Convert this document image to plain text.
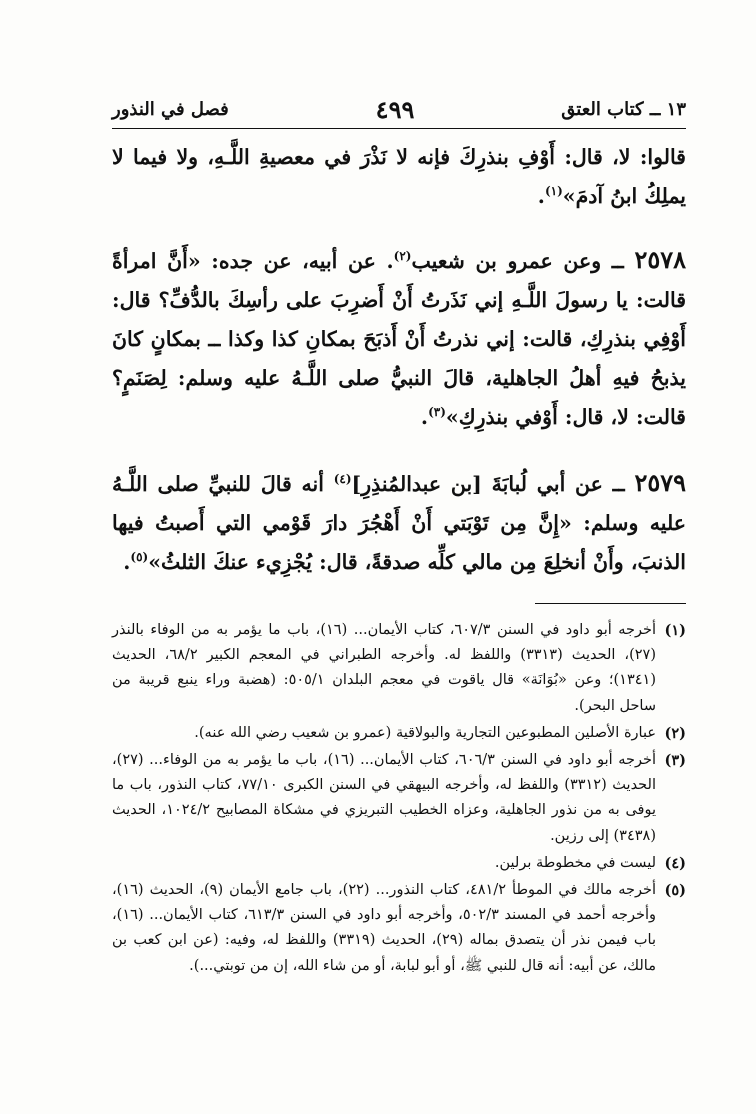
١٣ ــ كتاب العتق
٤٩٩
فصل في النذور

قالوا: لا، قال: أَوْفِ بنذرِكَ فإنه لا نَذْرَ في معصيةِ اللَّـهِ، ولا فيما لا يملِكُ ابنُ آدمَ»$^{(١)}$.

٢٥٧٨ ــ وعن عمرو بن شعيب$^{(٢)}$. عن أبيه، عن جده: «أَنَّ امرأةً قالت: يا رسولَ اللَّـهِ إني نَذَرتُ أَنْ أَضرِبَ على رأسِكَ بالدُّفِّ؟ قال: أَوْفِي بنذرِكِ، قالت: إني نذرتُ أَنْ أَذبَحَ بمكانِ كذا وكذا ــ بمكانٍ كانَ يذبحُ فيهِ أهلُ الجاهلية، قالَ النبيُّ صلى اللَّـهُ عليه وسلم: لِصَنَمٍ؟ قالت: لا، قال: أَوْفي بنذرِكِ»$^{(٣)}$.

٢٥٧٩ ــ عن أبي لُبابَةَ [بن عبدالمُنذِرِ]$^{(٤)}$ أنه قالَ للنبيِّ صلى اللَّـهُ عليه وسلم: «إِنَّ مِن تَوْبَتي أَنْ أَهْجُرَ دارَ قَوْمي التي أَصبتُ فيها الذنبَ، وأَنْ أنخلِعَ مِن مالي كلِّه صدقةً، قال: يُجْزِيء عنكَ الثلثُ»$^{(٥)}$.

(١)
أخرجه أبو داود في السنن ٦٠٧/٣، كتاب الأيمان... (١٦)، باب ما يؤمر به من الوفاء بالنذر (٢٧)، الحديث (٣٣١٣) واللفظ له. وأخرجه الطبراني في المعجم الكبير ٦٨/٢، الحديث (١٣٤١)؛ وعن «بُوَانَة» قال ياقوت في معجم البلدان ٥٠٥/١: (هضبة وراء ينبع قريبة من ساحل البحر).
(٢)
عبارة الأصلين المطبوعين التجارية والبولاقية (عمرو بن شعيب رضي الله عنه).
(٣)
أخرجه أبو داود في السنن ٦٠٦/٣، كتاب الأيمان... (١٦)، باب ما يؤمر به من الوفاء... (٢٧)، الحديث (٣٣١٢) واللفظ له، وأخرجه البيهقي في السنن الكبرى ٧٧/١٠، كتاب النذور، باب ما يوفى به من نذور الجاهلية، وعزاه الخطيب التبريزي في مشكاة المصابيح ١٠٢٤/٢، الحديث (٣٤٣٨) إلى رزين.
(٤)
ليست في مخطوطة برلين.
(٥)
أخرجه مالك في الموطأ ٤٨١/٢، كتاب النذور... (٢٢)، باب جامع الأيمان (٩)، الحديث (١٦)، وأخرجه أحمد في المسند ٥٠٢/٣، وأخرجه أبو داود في السنن ٦١٣/٣، كتاب الأيمان... (١٦)، باب فيمن نذر أن يتصدق بماله (٢٩)، الحديث (٣٣١٩) واللفظ له، وفيه: (عن ابن كعب بن مالك، عن أبيه: أنه قال للنبي ﷺ، أو أبو لبابة، أو من شاء الله، إن من توبتي...).
